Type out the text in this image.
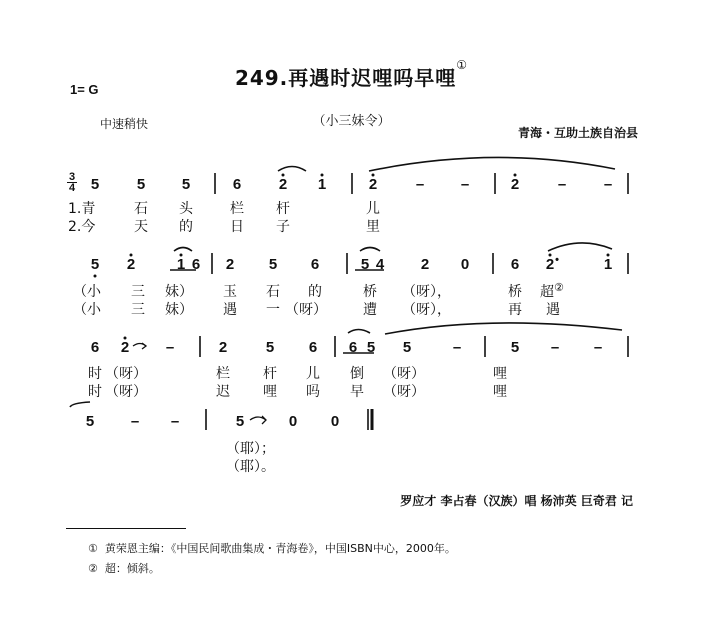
249.再遇时迟哩吗早哩①
1= G
中速稍快	（小三妹令）
青海・互助土族自治县
3
4	5	5	5	6	2	1	2	–	–	2	–	–
1.青	石 头	栏 杆	儿
2.今	天 的	日 子	里
5	2	1 6	2	5	6	5 4	2	0	6	2 •	1
（小 三 妹） 玉 石 的	桥 （呀），	桥 超②
（小 三 妹） 遇 一 （呀）	遭 （呀），	再 遇
6	2	–	2	5	6	6 5	5	–	5	–	–
时 （呀）	栏 杆 儿 倒 （呀）	哩
时 （呀）	迟 哩 吗 早 （呀）	哩
5	–	–	5	0	0
（耶）；
（耶）。
罗应才 李占春（汉族）唱 杨沛英 巨奇君 记
① 黄荣恩主编：《中国民间歌曲集成・青海卷》，中国ISBN中心，2000年。
② 超：倾斜。
